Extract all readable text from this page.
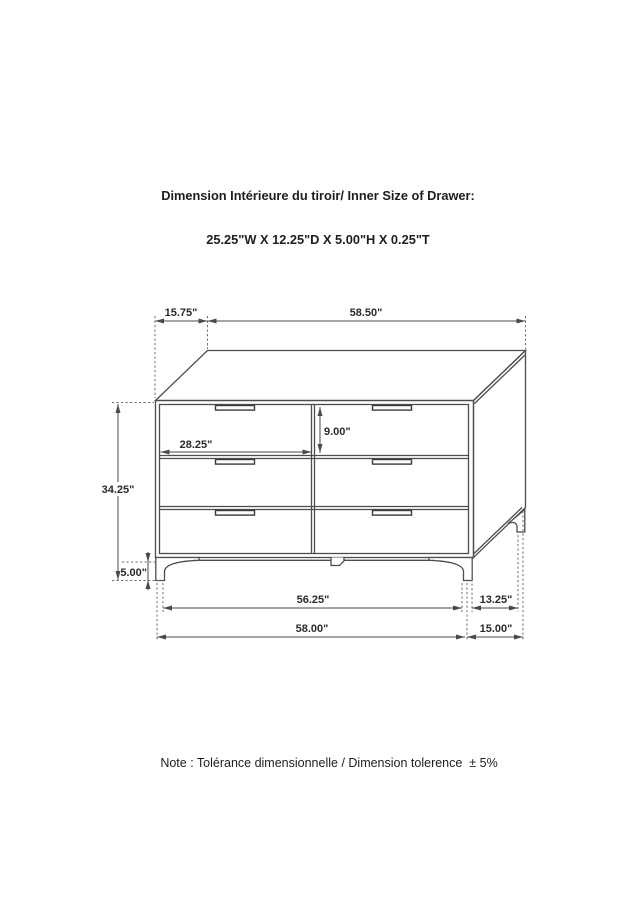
Dimension Intérieure du tiroir/ Inner Size of Drawer:

25.25"W X 12.25"D X 5.00"H X 0.25"T

15.75"	58.50"
34.25"
5.00"
28.25"
9.00"
56.25"	13.25"
58.00"	15.00"
Note : Tolérance dimensionnelle / Dimension tolerence  ± 5%
